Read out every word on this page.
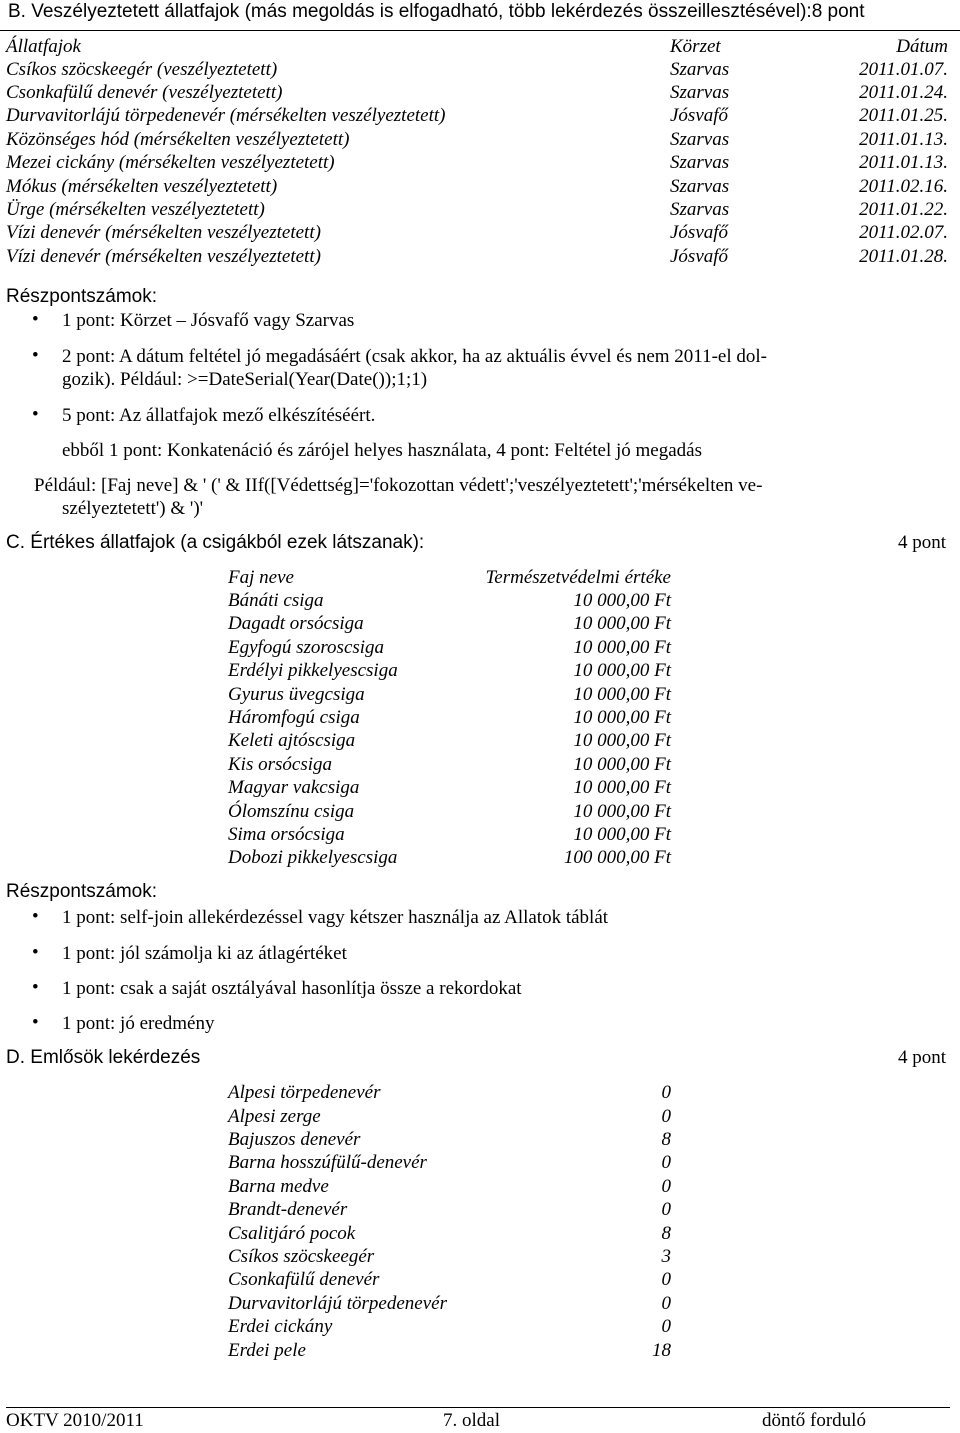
B. Veszélyeztetett állatfajok (más megoldás is elfogadható, több lekérdezés összeillesztésével):8 pont
Állatfajok	Körzet	Dátum
Csíkos szöcskeegér (veszélyeztetett)	Szarvas	2011.01.07.
Csonkafülű denevér (veszélyeztetett)	Szarvas	2011.01.24.
Durvavitorlájú törpedenevér (mérsékelten veszélyeztetett)	Jósvafő	2011.01.25.
Közönséges hód (mérsékelten veszélyeztetett)	Szarvas	2011.01.13.
Mezei cickány (mérsékelten veszélyeztetett)	Szarvas	2011.01.13.
Mókus (mérsékelten veszélyeztetett)	Szarvas	2011.02.16.
Ürge (mérsékelten veszélyeztetett)	Szarvas	2011.01.22.
Vízi denevér (mérsékelten veszélyeztetett)	Jósvafő	2011.02.07.
Vízi denevér (mérsékelten veszélyeztetett)	Jósvafő	2011.01.28.
Részpontszámok:
• 1 pont: Körzet – Jósvafő vagy Szarvas
• 2 pont: A dátum feltétel jó megadásáért (csak akkor, ha az aktuális évvel és nem 2011-el dol-
gozik). Például: >=DateSerial(Year(Date());1;1)
• 5 pont: Az állatfajok mező elkészítéséért.
ebből 1 pont: Konkatenáció és zárójel helyes használata, 4 pont: Feltétel jó megadás
Például: [Faj neve] & ' (' & IIf([Védettség]='fokozottan védett';'veszélyeztetett';'mérsékelten ve-
szélyeztetett') & ')'
C. Értékes állatfajok (a csigákból ezek látszanak):	4 pont
Faj neve	Természetvédelmi értéke
Bánáti csiga	10 000,00 Ft
Dagadt orsócsiga	10 000,00 Ft
Egyfogú szoroscsiga	10 000,00 Ft
Erdélyi pikkelyescsiga	10 000,00 Ft
Gyurus üvegcsiga	10 000,00 Ft
Háromfogú csiga	10 000,00 Ft
Keleti ajtóscsiga	10 000,00 Ft
Kis orsócsiga	10 000,00 Ft
Magyar vakcsiga	10 000,00 Ft
Ólomszínu csiga	10 000,00 Ft
Sima orsócsiga	10 000,00 Ft
Dobozi pikkelyescsiga	100 000,00 Ft
Részpontszámok:
• 1 pont: self-join allekérdezéssel vagy kétszer használja az Allatok táblát
• 1 pont: jól számolja ki az átlagértéket
• 1 pont: csak a saját osztályával hasonlítja össze a rekordokat
• 1 pont: jó eredmény
D. Emlősök lekérdezés	4 pont
Alpesi törpedenevér	0
Alpesi zerge	0
Bajuszos denevér	8
Barna hosszúfülű-denevér	0
Barna medve	0
Brandt-denevér	0
Csalitjáró pocok	8
Csíkos szöcskeegér	3
Csonkafülű denevér	0
Durvavitorlájú törpedenevér	0
Erdei cickány	0
Erdei pele	18
OKTV 2010/2011	7. oldal	döntő forduló
